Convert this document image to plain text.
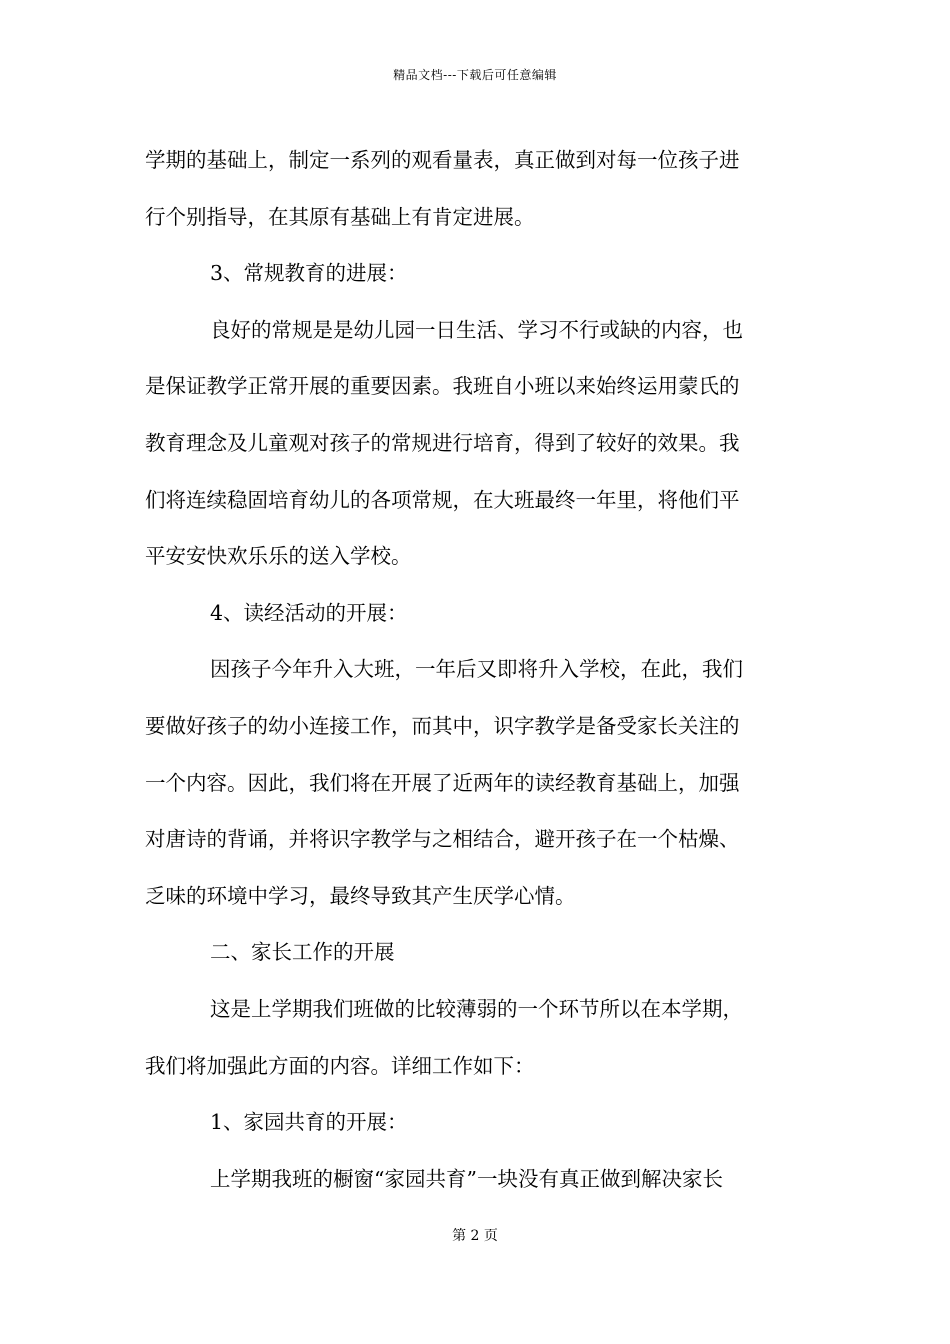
精品文档---下载后可任意编辑

学期的基础上，制定一系列的观看量表，真正做到对每一位孩子进

行个别指导，在其原有基础上有肯定进展。

3、常规教育的进展：

良好的常规是是幼儿园一日生活、学习不行或缺的内容，也

是保证教学正常开展的重要因素。我班自小班以来始终运用蒙氏的

教育理念及儿童观对孩子的常规进行培育，得到了较好的效果。我

们将连续稳固培育幼儿的各项常规，在大班最终一年里，将他们平

平安安快欢乐乐的送入学校。

4、读经活动的开展：

因孩子今年升入大班，一年后又即将升入学校，在此，我们

要做好孩子的幼小连接工作，而其中，识字教学是备受家长关注的

一个内容。因此，我们将在开展了近两年的读经教育基础上，加强

对唐诗的背诵，并将识字教学与之相结合，避开孩子在一个枯燥、

乏味的环境中学习，最终导致其产生厌学心情。

二、家长工作的开展

这是上学期我们班做的比较薄弱的一个环节所以在本学期，

我们将加强此方面的内容。详细工作如下：

1、家园共育的开展：

上学期我班的橱窗“家园共育”一块没有真正做到解决家长

第 2 页
